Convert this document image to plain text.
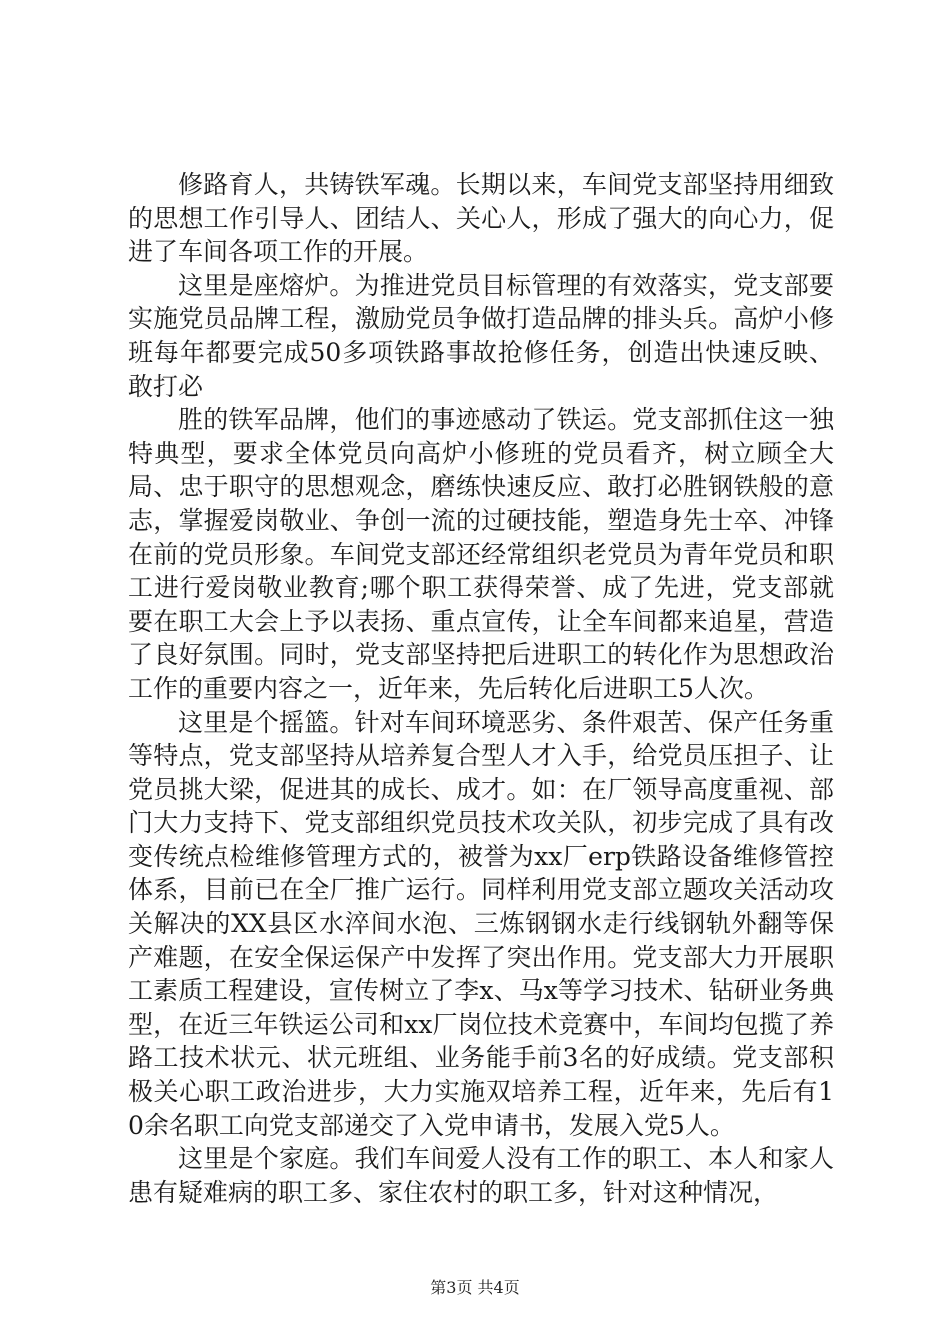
修路育人，共铸铁军魂。长期以来，车间党支部坚持用细致的思想工作引导人、团结人、关心人，形成了强大的向心力，促进了车间各项工作的开展。

这里是座熔炉。为推进党员目标管理的有效落实，党支部要实施党员品牌工程，激励党员争做打造品牌的排头兵。高炉小修班每年都要完成50多项铁路事故抢修任务，创造出快速反映、敢打必

胜的铁军品牌，他们的事迹感动了铁运。党支部抓住这一独特典型，要求全体党员向高炉小修班的党员看齐，树立顾全大局、忠于职守的思想观念，磨练快速反应、敢打必胜钢铁般的意志，掌握爱岗敬业、争创一流的过硬技能，塑造身先士卒、冲锋在前的党员形象。车间党支部还经常组织老党员为青年党员和职工进行爱岗敬业教育;哪个职工获得荣誉、成了先进，党支部就要在职工大会上予以表扬、重点宣传，让全车间都来追星，营造了良好氛围。同时，党支部坚持把后进职工的转化作为思想政治工作的重要内容之一，近年来，先后转化后进职工5人次。

这里是个摇篮。针对车间环境恶劣、条件艰苦、保产任务重等特点，党支部坚持从培养复合型人才入手，给党员压担子、让党员挑大梁，促进其的成长、成才。如：在厂领导高度重视、部门大力支持下、党支部组织党员技术攻关队，初步完成了具有改变传统点检维修管理方式的，被誉为xx厂erp铁路设备维修管控体系，目前已在全厂推广运行。同样利用党支部立题攻关活动攻关解决的XX县区水淬间水泡、三炼钢钢水走行线钢轨外翻等保产难题，在安全保运保产中发挥了突出作用。党支部大力开展职工素质工程建设，宣传树立了李x、马x等学习技术、钻研业务典型，在近三年铁运公司和xx厂岗位技术竞赛中，车间均包揽了养路工技术状元、状元班组、业务能手前3名的好成绩。党支部积极关心职工政治进步，大力实施双培养工程，近年来，先后有10余名职工向党支部递交了入党申请书，发展入党5人。

这里是个家庭。我们车间爱人没有工作的职工、本人和家人患有疑难病的职工多、家住农村的职工多，针对这种情况，

第3页 共4页
